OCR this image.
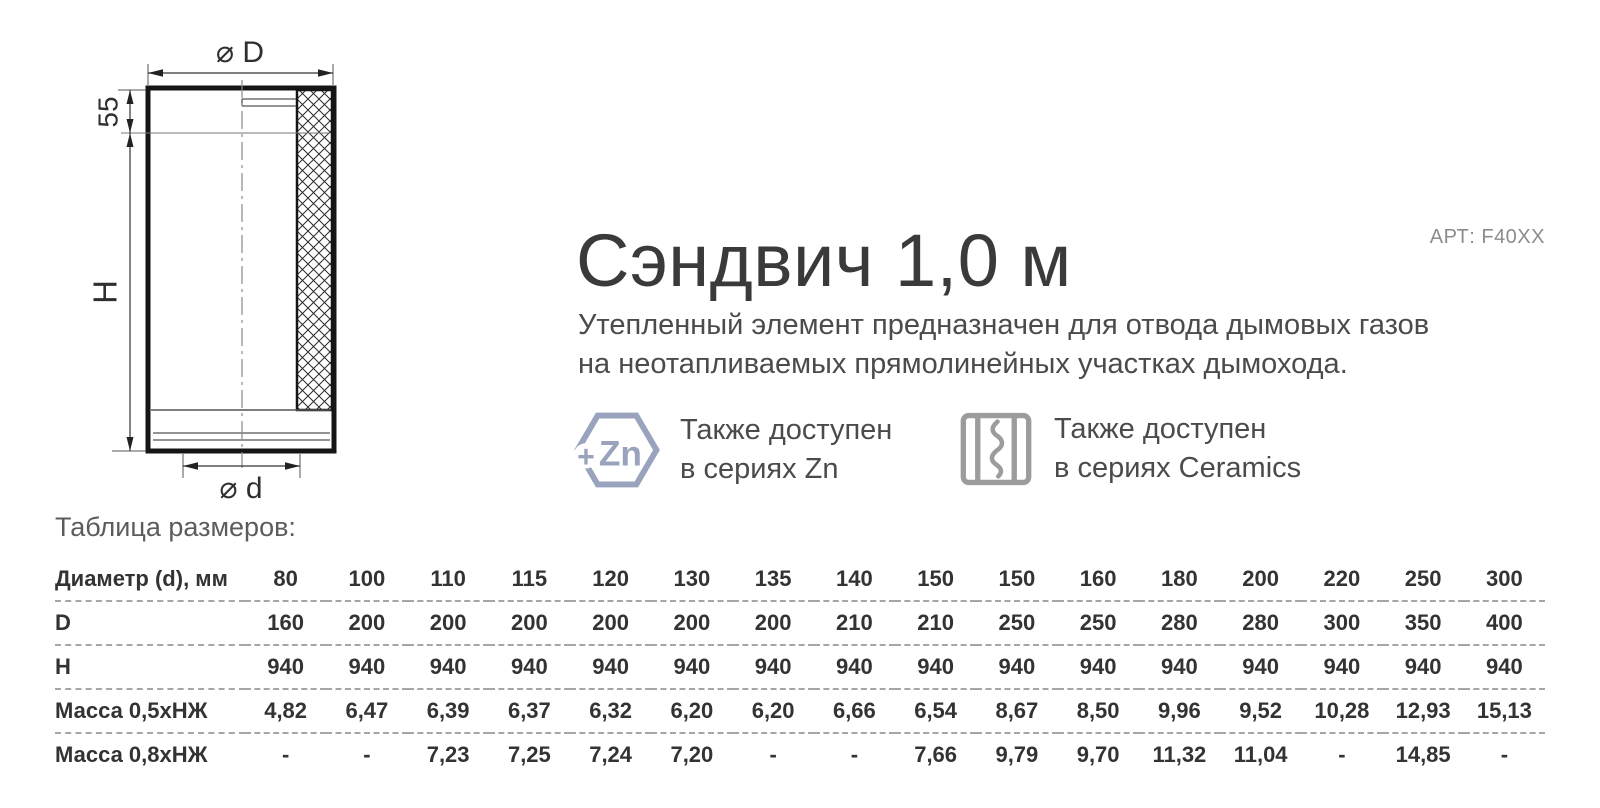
⌀ D
55
H
⌀ d
Сэндвич 1,0 м	АРТ: F40XX
Утепленный элемент предназначен для отвода дымовых газов
на неотапливаемых прямолинейных участках дымохода.
+ Zn
Также доступен
в сериях Zn
Также доступен
в сериях Ceramics
Таблица размеров:
Диаметр (d), мм	80	100	110	115	120	130	135	140	150	150	160	180	200	220	250	300
D	160	200	200	200	200	200	200	210	210	250	250	280	280	300	350	400
H	940	940	940	940	940	940	940	940	940	940	940	940	940	940	940	940
Масса 0,5хНЖ	4,82	6,47	6,39	6,37	6,32	6,20	6,20	6,66	6,54	8,67	8,50	9,96	9,52	10,28	12,93	15,13
Масса 0,8хНЖ	-	-	7,23	7,25	7,24	7,20	-	-	7,66	9,79	9,70	11,32	11,04	-	14,85	-
